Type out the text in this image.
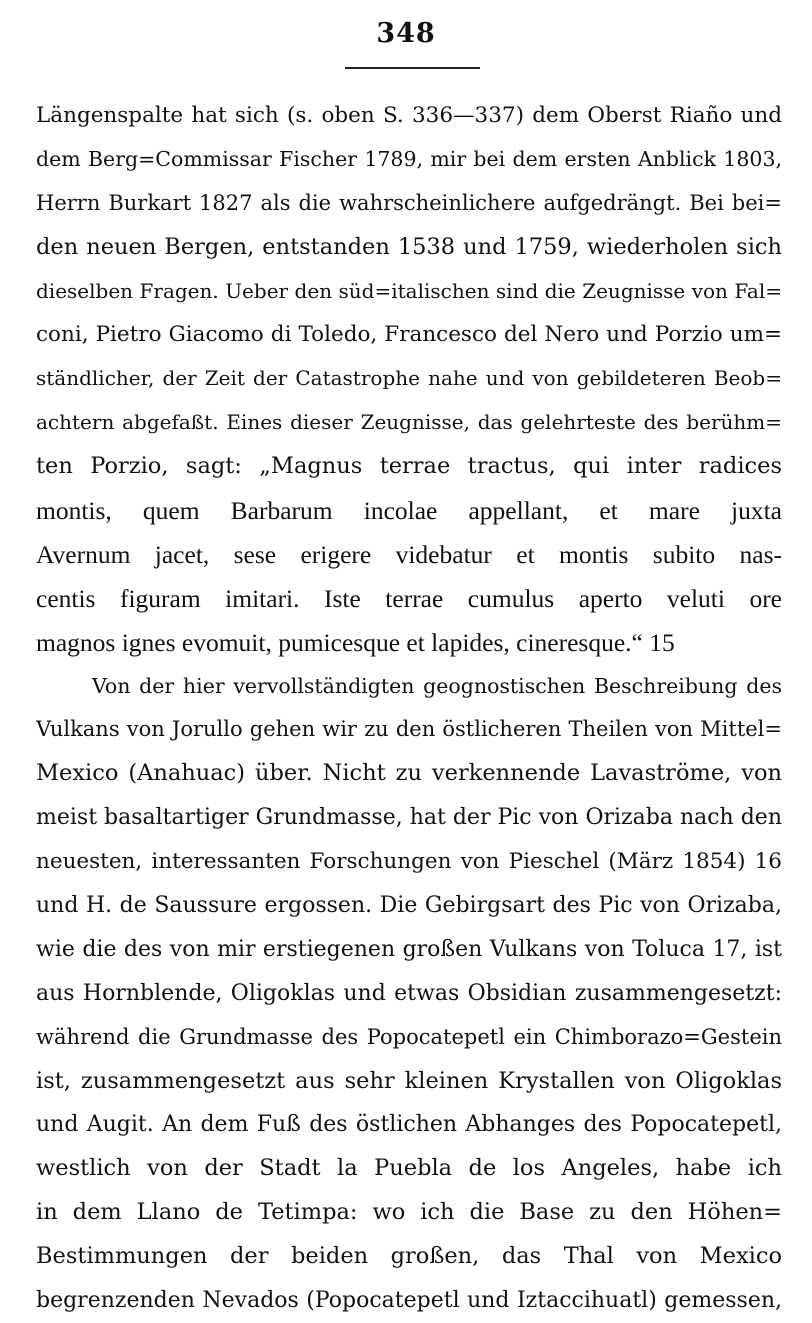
348
Längenspalte hat sich (s. oben S. 336—337) dem Oberst Riaño und
dem Berg=Commissar Fischer 1789, mir bei dem ersten Anblick 1803,
Herrn Burkart 1827 als die wahrscheinlichere aufgedrängt. Bei bei=
den neuen Bergen, entstanden 1538 und 1759, wiederholen sich
dieselben Fragen. Ueber den süd=italischen sind die Zeugnisse von Fal=
coni, Pietro Giacomo di Toledo, Francesco del Nero und Porzio um=
ständlicher, der Zeit der Catastrophe nahe und von gebildeteren Beob=
achtern abgefaßt. Eines dieser Zeugnisse, das gelehrteste des berühm=
ten Porzio, sagt: „Magnus terrae tractus, qui inter radices
montis, quem Barbarum incolae appellant, et mare juxta
Avernum jacet, sese erigere videbatur et montis subito nas-
centis figuram imitari. Iste terrae cumulus aperto veluti ore
magnos ignes evomuit, pumicesque et lapides, cineresque.“ 15
Von der hier vervollständigten geognostischen Beschreibung des
Vulkans von Jorullo gehen wir zu den östlicheren Theilen von Mittel=
Mexico (Anahuac) über. Nicht zu verkennende Lavaströme, von
meist basaltartiger Grundmasse, hat der Pic von Orizaba nach den
neuesten, interessanten Forschungen von Pieschel (März 1854) 16
und H. de Saussure ergossen. Die Gebirgsart des Pic von Orizaba,
wie die des von mir erstiegenen großen Vulkans von Toluca 17, ist
aus Hornblende, Oligoklas und etwas Obsidian zusammengesetzt:
während die Grundmasse des Popocatepetl ein Chimborazo=Gestein
ist, zusammengesetzt aus sehr kleinen Krystallen von Oligoklas
und Augit. An dem Fuß des östlichen Abhanges des Popocatepetl,
westlich von der Stadt la Puebla de los Angeles, habe ich
in dem Llano de Tetimpa: wo ich die Base zu den Höhen=
Bestimmungen der beiden großen, das Thal von Mexico
begrenzenden Nevados (Popocatepetl und Iztaccihuatl) gemessen,
